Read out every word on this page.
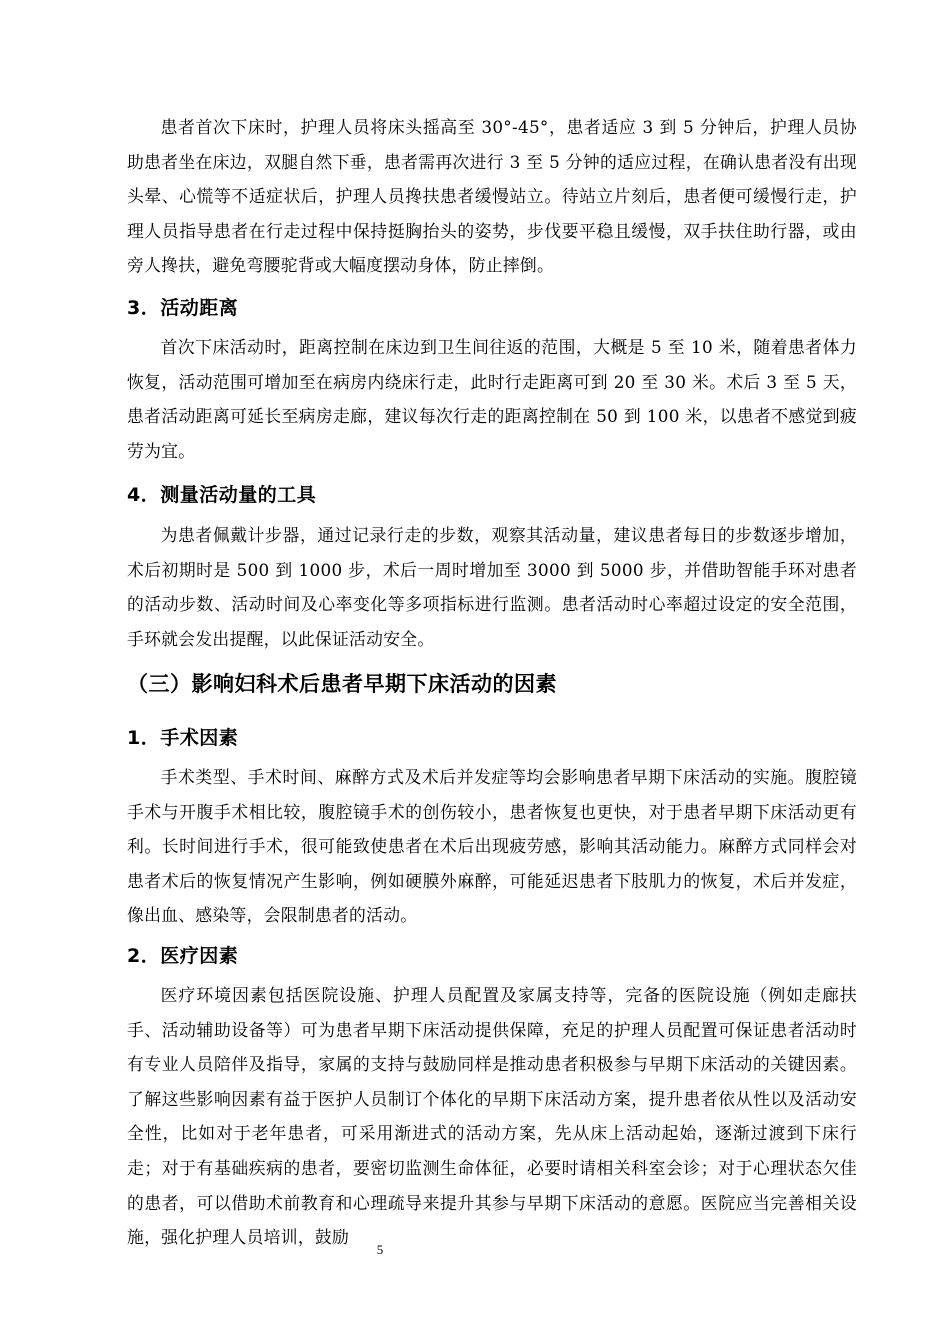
患者首次下床时，护理人员将床头摇高至 30°-45°，患者适应 3 到 5 分钟后，护理人员协助患者坐在床边，双腿自然下垂，患者需再次进行 3 至 5 分钟的适应过程，在确认患者没有出现头晕、心慌等不适症状后，护理人员搀扶患者缓慢站立。待站立片刻后，患者便可缓慢行走，护理人员指导患者在行走过程中保持挺胸抬头的姿势，步伐要平稳且缓慢，双手扶住助行器，或由旁人搀扶，避免弯腰驼背或大幅度摆动身体，防止摔倒。

3．活动距离

首次下床活动时，距离控制在床边到卫生间往返的范围，大概是 5 至 10 米，随着患者体力恢复，活动范围可增加至在病房内绕床行走，此时行走距离可到 20 至 30 米。术后 3 至 5 天，患者活动距离可延长至病房走廊，建议每次行走的距离控制在 50 到 100 米，以患者不感觉到疲劳为宜。

4．测量活动量的工具

为患者佩戴计步器，通过记录行走的步数，观察其活动量，建议患者每日的步数逐步增加，术后初期时是 500 到 1000 步，术后一周时增加至 3000 到 5000 步，并借助智能手环对患者的活动步数、活动时间及心率变化等多项指标进行监测。患者活动时心率超过设定的安全范围，手环就会发出提醒，以此保证活动安全。

（三）影响妇科术后患者早期下床活动的因素
1．手术因素

手术类型、手术时间、麻醉方式及术后并发症等均会影响患者早期下床活动的实施。腹腔镜手术与开腹手术相比较，腹腔镜手术的创伤较小，患者恢复也更快，对于患者早期下床活动更有利。长时间进行手术，很可能致使患者在术后出现疲劳感，影响其活动能力。麻醉方式同样会对患者术后的恢复情况产生影响，例如硬膜外麻醉，可能延迟患者下肢肌力的恢复，术后并发症，像出血、感染等，会限制患者的活动。

2．医疗因素

医疗环境因素包括医院设施、护理人员配置及家属支持等，完备的医院设施（例如走廊扶手、活动辅助设备等）可为患者早期下床活动提供保障，充足的护理人员配置可保证患者活动时有专业人员陪伴及指导，家属的支持与鼓励同样是推动患者积极参与早期下床活动的关键因素。了解这些影响因素有益于医护人员制订个体化的早期下床活动方案，提升患者依从性以及活动安全性，比如对于老年患者，可采用渐进式的活动方案，先从床上活动起始，逐渐过渡到下床行走；对于有基础疾病的患者，要密切监测生命体征，必要时请相关科室会诊；对于心理状态欠佳的患者，可以借助术前教育和心理疏导来提升其参与早期下床活动的意愿。医院应当完善相关设施，强化护理人员培训，鼓励

5
